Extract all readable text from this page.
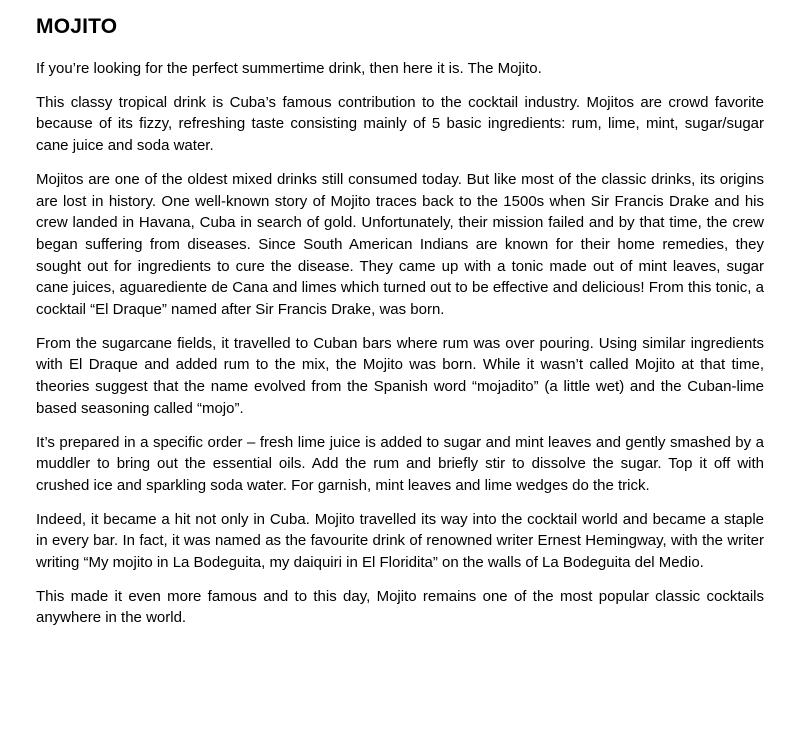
MOJITO

If you’re looking for the perfect summertime drink, then here it is. The Mojito.

This classy tropical drink is Cuba’s famous contribution to the cocktail industry. Mojitos are crowd favorite because of its fizzy, refreshing taste consisting mainly of 5 basic ingredients: rum, lime, mint, sugar/sugar cane juice and soda water.

Mojitos are one of the oldest mixed drinks still consumed today. But like most of the classic drinks, its origins are lost in history. One well-known story of Mojito traces back to the 1500s when Sir Francis Drake and his crew landed in Havana, Cuba in search of gold. Unfortunately, their mission failed and by that time, the crew began suffering from diseases. Since South American Indians are known for their home remedies, they sought out for ingredients to cure the disease. They came up with a tonic made out of mint leaves, sugar cane juices, aguarediente de Cana and limes which turned out to be effective and delicious! From this tonic, a cocktail “El Draque” named after Sir Francis Drake, was born.

From the sugarcane fields, it travelled to Cuban bars where rum was over pouring. Using similar ingredients with El Draque and added rum to the mix, the Mojito was born. While it wasn’t called Mojito at that time, theories suggest that the name evolved from the Spanish word “mojadito” (a little wet) and the Cuban-lime based seasoning called “mojo”.

It’s prepared in a specific order – fresh lime juice is added to sugar and mint leaves and gently smashed by a muddler to bring out the essential oils. Add the rum and briefly stir to dissolve the sugar. Top it off with crushed ice and sparkling soda water. For garnish, mint leaves and lime wedges do the trick.

Indeed, it became a hit not only in Cuba. Mojito travelled its way into the cocktail world and became a staple in every bar. In fact, it was named as the favourite drink of renowned writer Ernest Hemingway, with the writer writing “My mojito in La Bodeguita, my daiquiri in El Floridita” on the walls of La Bodeguita del Medio.

This made it even more famous and to this day, Mojito remains one of the most popular classic cocktails anywhere in the world.
